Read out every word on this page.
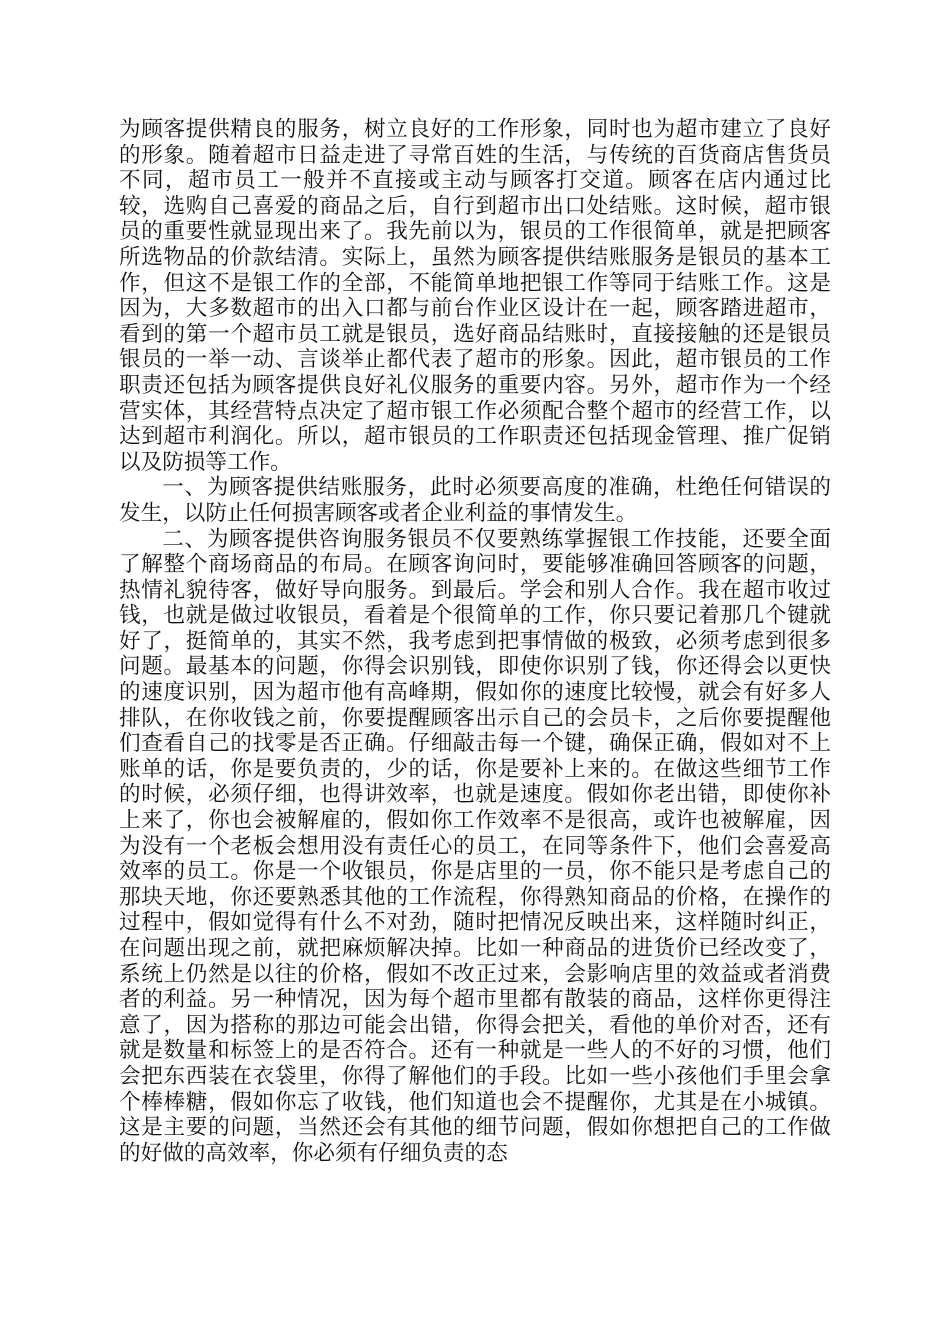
为顾客提供精良的服务，树立良好的工作形象，同时也为超市建立了良好的形象。随着超市日益走进了寻常百姓的生活，与传统的百货商店售货员不同，超市员工一般并不直接或主动与顾客打交道。顾客在店内通过比较，选购自己喜爱的商品之后，自行到超市出口处结账。这时候，超市银员的重要性就显现出来了。我先前以为，银员的工作很简单，就是把顾客所选物品的价款结清。实际上，虽然为顾客提供结账服务是银员的基本工作，但这不是银工作的全部，不能简单地把银工作等同于结账工作。这是因为，大多数超市的出入口都与前台作业区设计在一起，顾客踏进超市，看到的第一个超市员工就是银员，选好商品结账时，直接接触的还是银员银员的一举一动、言谈举止都代表了超市的形象。因此，超市银员的工作职责还包括为顾客提供良好礼仪服务的重要内容。另外，超市作为一个经营实体，其经营特点决定了超市银工作必须配合整个超市的经营工作，以达到超市利润化。所以，超市银员的工作职责还包括现金管理、推广促销以及防损等工作。

一、为顾客提供结账服务，此时必须要高度的准确，杜绝任何错误的发生，以防止任何损害顾客或者企业利益的事情发生。

二、为顾客提供咨询服务银员不仅要熟练掌握银工作技能，还要全面了解整个商场商品的布局。在顾客询问时，要能够准确回答顾客的问题，热情礼貌待客，做好导向服务。到最后。学会和别人合作。我在超市收过钱，也就是做过收银员，看着是个很简单的工作，你只要记着那几个键就好了，挺简单的，其实不然，我考虑到把事情做的极致，必须考虑到很多问题。最基本的问题，你得会识别钱，即使你识别了钱，你还得会以更快的速度识别，因为超市他有高峰期，假如你的速度比较慢，就会有好多人排队，在你收钱之前，你要提醒顾客出示自己的会员卡，之后你要提醒他们查看自己的找零是否正确。仔细敲击每一个键，确保正确，假如对不上账单的话，你是要负责的，少的话，你是要补上来的。在做这些细节工作的时候，必须仔细，也得讲效率，也就是速度。假如你老出错，即使你补上来了，你也会被解雇的，假如你工作效率不是很高，或许也被解雇，因为没有一个老板会想用没有责任心的员工，在同等条件下，他们会喜爱高效率的员工。你是一个收银员，你是店里的一员，你不能只是考虑自己的那块天地，你还要熟悉其他的工作流程，你得熟知商品的价格，在操作的过程中，假如觉得有什么不对劲，随时把情况反映出来，这样随时纠正，在问题出现之前，就把麻烦解决掉。比如一种商品的进货价已经改变了，系统上仍然是以往的价格，假如不改正过来，会影响店里的效益或者消费者的利益。另一种情况，因为每个超市里都有散装的商品，这样你更得注意了，因为搭称的那边可能会出错，你得会把关，看他的单价对否，还有就是数量和标签上的是否符合。还有一种就是一些人的不好的习惯，他们会把东西装在衣袋里，你得了解他们的手段。比如一些小孩他们手里会拿个棒棒糖，假如你忘了收钱，他们知道也会不提醒你，尤其是在小城镇。这是主要的问题，当然还会有其他的细节问题，假如你想把自己的工作做的好做的高效率，你必须有仔细负责的态
